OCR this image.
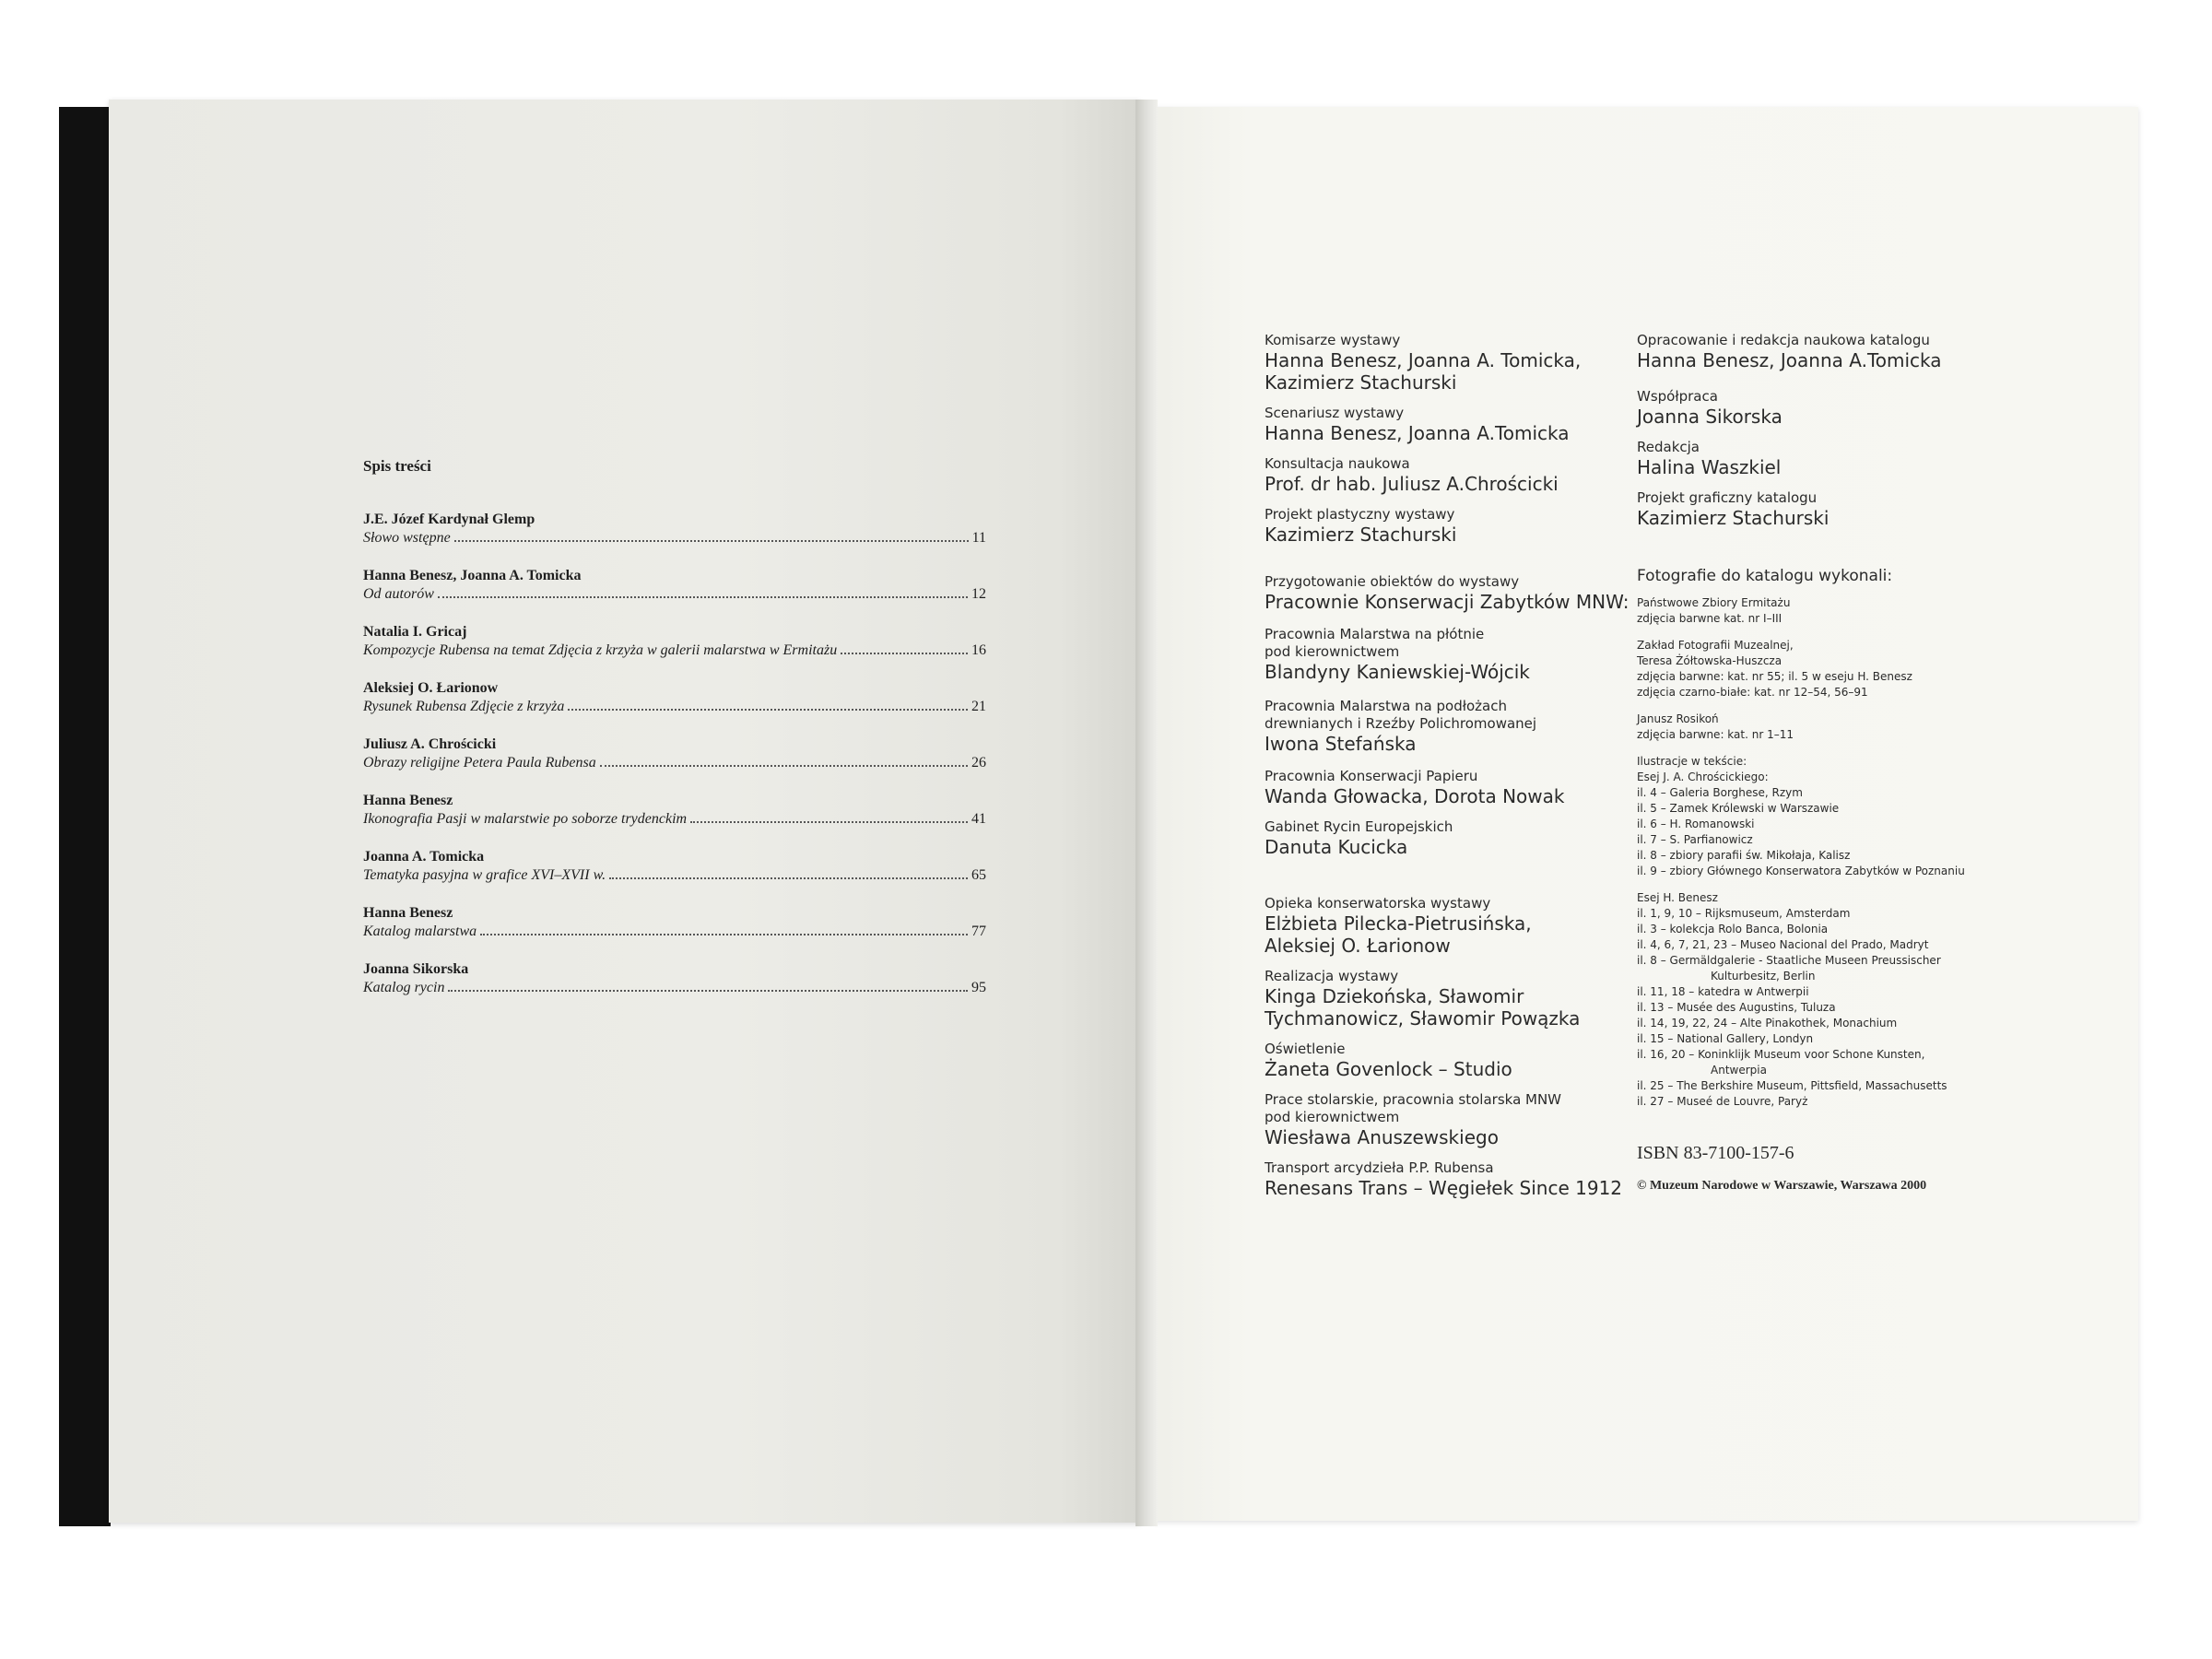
Spis treści
J.E. Józef Kardynał Glemp
Słowo wstępne	11
Hanna Benesz, Joanna A. Tomicka
Od autorów	12
Natalia I. Gricaj
Kompozycje Rubensa na temat Zdjęcia z krzyża w galerii malarstwa w Ermitażu	16
Aleksiej O. Łarionow
Rysunek Rubensa Zdjęcie z krzyża	21
Juliusz A. Chrościcki
Obrazy religijne Petera Paula Rubensa	26
Hanna Benesz
Ikonografia Pasji w malarstwie po soborze trydenckim	41
Joanna A. Tomicka
Tematyka pasyjna w grafice XVI–XVII w.	65
Hanna Benesz
Katalog malarstwa	77
Joanna Sikorska
Katalog rycin	95
Komisarze wystawy
Hanna Benesz, Joanna A. Tomicka,
Kazimierz Stachurski
Scenariusz wystawy
Hanna Benesz, Joanna A.Tomicka
Konsultacja naukowa
Prof. dr hab. Juliusz A.Chrościcki
Projekt plastyczny wystawy
Kazimierz Stachurski
Przygotowanie obiektów do wystawy
Pracownie Konserwacji Zabytków MNW:
Pracownia Malarstwa na płótnie
pod kierownictwem
Blandyny Kaniewskiej-Wójcik
Pracownia Malarstwa na podłożach
drewnianych i Rzeźby Polichromowanej
Iwona Stefańska
Pracownia Konserwacji Papieru
Wanda Głowacka, Dorota Nowak
Gabinet Rycin Europejskich
Danuta Kucicka
Opieka konserwatorska wystawy
Elżbieta Pilecka-Pietrusińska,
Aleksiej O. Łarionow
Realizacja wystawy
Kinga Dziekońska, Sławomir
Tychmanowicz, Sławomir Powązka
Oświetlenie
Żaneta Govenlock – Studio
Prace stolarskie, pracownia stolarska MNW
pod kierownictwem
Wiesława Anuszewskiego
Transport arcydzieła P.P. Rubensa
Renesans Trans – Węgiełek Since 1912
Opracowanie i redakcja naukowa katalogu
Hanna Benesz, Joanna A.Tomicka
Współpraca
Joanna Sikorska
Redakcja
Halina Waszkiel
Projekt graficzny katalogu
Kazimierz Stachurski
Fotografie do katalogu wykonali:
Państwowe Zbiory Ermitażu
zdjęcia barwne kat. nr I–III
Zakład Fotografii Muzealnej,
Teresa Żółtowska-Huszcza
zdjęcia barwne: kat. nr 55; il. 5 w eseju H. Benesz
zdjęcia czarno-białe: kat. nr 12–54, 56–91
Janusz Rosikoń
zdjęcia barwne: kat. nr 1–11
Ilustracje w tekście:
Esej J. A. Chrościckiego:
il. 4 – Galeria Borghese, Rzym
il. 5 – Zamek Królewski w Warszawie
il. 6 – H. Romanowski
il. 7 – S. Parfianowicz
il. 8 – zbiory parafii św. Mikołaja, Kalisz
il. 9 – zbiory Głównego Konserwatora Zabytków w Poznaniu
Esej H. Benesz
il. 1, 9, 10 – Rijksmuseum, Amsterdam
il. 3 – kolekcja Rolo Banca, Bolonia
il. 4, 6, 7, 21, 23 – Museo Nacional del Prado, Madryt
il. 8 – Germäldgalerie - Staatliche Museen Preussischer
Kulturbesitz, Berlin
il. 11, 18 – katedra w Antwerpii
il. 13 – Musée des Augustins, Tuluza
il. 14, 19, 22, 24 – Alte Pinakothek, Monachium
il. 15 – National Gallery, Londyn
il. 16, 20 – Koninklijk Museum voor Schone Kunsten,
Antwerpia
il. 25 – The Berkshire Museum, Pittsfield, Massachusetts
il. 27 – Museé de Louvre, Paryż
ISBN 83-7100-157-6
© Muzeum Narodowe w Warszawie, Warszawa 2000
